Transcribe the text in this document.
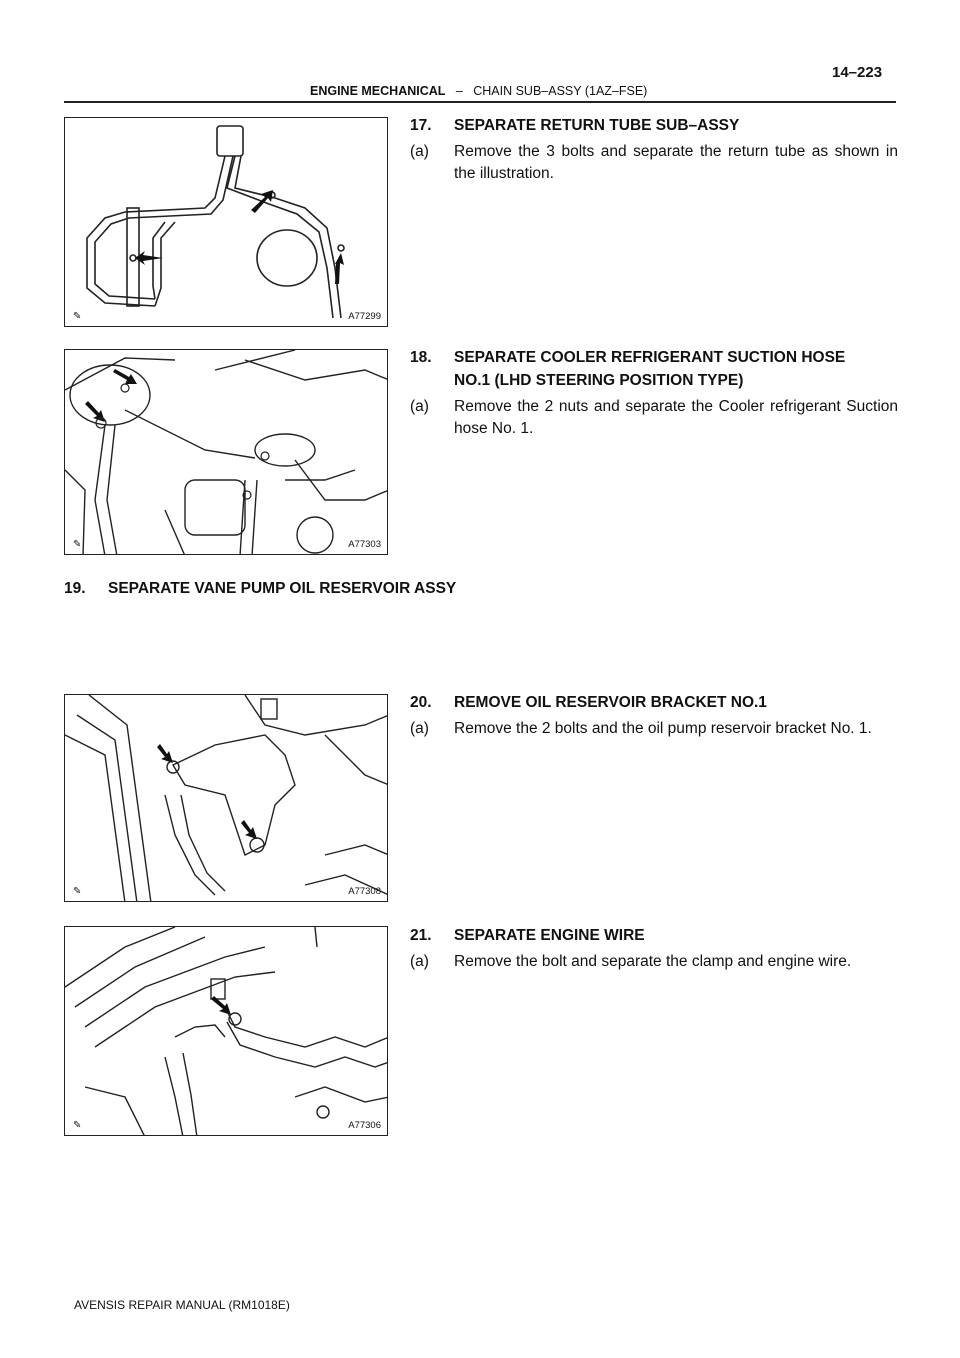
14–223
ENGINE MECHANICAL – CHAIN SUB–ASSY (1AZ–FSE)
✎	A77299
✎	A77303
✎	A77308
✎	A77306
17. SEPARATE RETURN TUBE SUB–ASSY
(a) Remove the 3 bolts and separate the return tube as shown in the illustration.
18. SEPARATE COOLER REFRIGERANT SUCTION HOSE
NO.1 (LHD STEERING POSITION TYPE)
(a) Remove the 2 nuts and separate the Cooler refrigerant Suction hose No. 1.
19. SEPARATE VANE PUMP OIL RESERVOIR ASSY
20. REMOVE OIL RESERVOIR BRACKET NO.1
(a) Remove the 2 bolts and the oil pump reservoir bracket No. 1.
21. SEPARATE ENGINE WIRE
(a) Remove the bolt and separate the clamp and engine wire.
AVENSIS REPAIR MANUAL (RM1018E)
